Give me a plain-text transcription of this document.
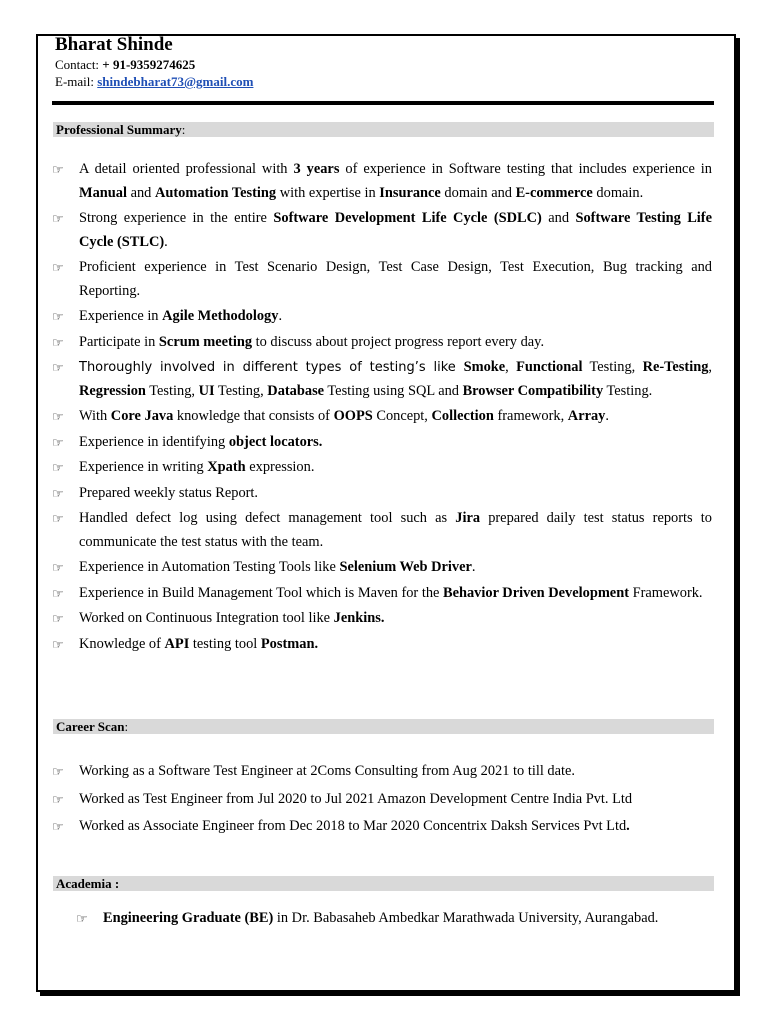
Bharat Shinde
Contact: + 91-9359274625
E-mail: shindebharat73@gmail.com
Professional Summary:
☞ A detail oriented professional with 3 years of experience in Software testing that includes experience in Manual and Automation Testing with expertise in Insurance domain and E-commerce domain.
☞ Strong experience in the entire Software Development Life Cycle (SDLC) and Software Testing Life Cycle (STLC).
☞ Proficient experience in Test Scenario Design, Test Case Design, Test Execution, Bug tracking and Reporting.
☞ Experience in Agile Methodology.
☞ Participate in Scrum meeting to discuss about project progress report every day.
☞ Thoroughly involved in different types of testing’s like Smoke, Functional Testing, Re-Testing, Regression Testing, UI Testing, Database Testing using SQL and Browser Compatibility Testing.
☞ With Core Java knowledge that consists of OOPS Concept, Collection framework, Array.
☞ Experience in identifying object locators.
☞ Experience in writing Xpath expression.
☞ Prepared weekly status Report.
☞ Handled defect log using defect management tool such as Jira prepared daily test status reports to communicate the test status with the team.
☞ Experience in Automation Testing Tools like Selenium Web Driver.
☞ Experience in Build Management Tool which is Maven for the Behavior Driven Development Framework.
☞ Worked on Continuous Integration tool like Jenkins.
☞ Knowledge of API testing tool Postman.
Career Scan:
☞ Working as a Software Test Engineer at 2Coms Consulting from Aug 2021 to till date.
☞ Worked as Test Engineer from Jul 2020 to Jul 2021 Amazon Development Centre India Pvt. Ltd
☞ Worked as Associate Engineer from Dec 2018 to Mar 2020 Concentrix Daksh Services Pvt Ltd.
Academia :
☞ Engineering Graduate (BE) in Dr. Babasaheb Ambedkar Marathwada University, Aurangabad.
